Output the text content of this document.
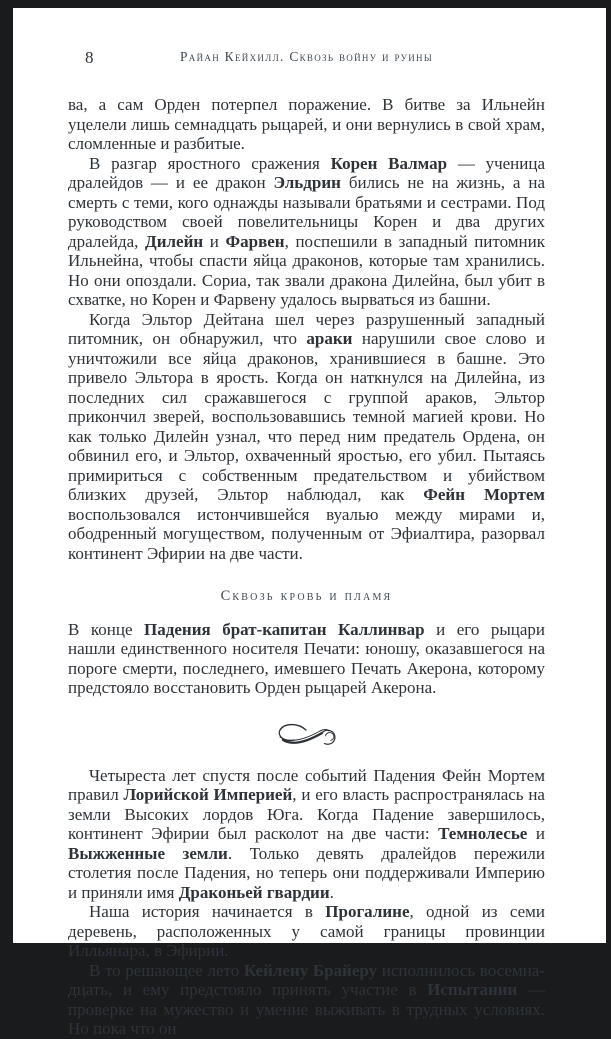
8	Райан Кейхилл. Сквозь войну и руины

ва, а сам Орден потерпел поражение. В битве за Ильнейн уцелели лишь семнадцать рыцарей, и они вернулись в свой храм, сломленные и разбитые.

В разгар яростного сражения Корен Валмар — ученица дралейдов — и ее дракон Эльдрин бились не на жизнь, а на смерть с теми, кого однажды называли братьями и сестрами. Под руководством своей повелительницы Корен и два других дралейда, Дилейн и Фарвен, поспешили в западный питомник Ильнейна, чтобы спасти яйца драконов, которые там хранились. Но они опоздали. Сориа, так звали дракона Дилейна, был убит в схватке, но Корен и Фарвену удалось вырваться из башни.

Когда Эльтор Дейтана шел через разрушенный западный питомник, он обнаружил, что араки нарушили свое слово и уничтожили все яйца драконов, хранившиеся в башне. Это привело Эльтора в ярость. Когда он наткнулся на Дилейна, из последних сил сражавшегося с группой араков, Эльтор прикончил зверей, воспользовавшись темной магией крови. Но как только Дилейн узнал, что перед ним предатель Ордена, он обвинил его, и Эльтор, охваченный яростью, его убил. Пытаясь примириться с собственным предательством и убийством близких друзей, Эльтор наблюдал, как Фейн Мортем воспользовался истончившейся вуалью между мирами и, ободренный могуществом, полученным от Эфиалтира, разорвал континент Эфирии на две части.

Сквозь кровь и пламя

В конце Падения брат-капитан Каллинвар и его рыцари нашли единственного носителя Печати: юношу, оказавшегося на пороге смерти, последнего, имевшего Печать Акерона, которому предстояло восстановить Орден рыцарей Акерона.

Четыреста лет спустя после событий Падения Фейн Мортем правил Лорийской Империей, и его власть распространялась на земли Высоких лордов Юга. Когда Падение завершилось, континент Эфирии был расколот на две части: Темнолесье и Выжженные земли. Только девять дралейдов пережили столетия после Падения, но теперь они поддерживали Империю и приняли имя Драконьей гвардии.

Наша история начинается в Прогалине, одной из семи деревень, расположенных у самой границы провинции Илльянара, в Эфирии.

В то решающее лето Кейлену Брайеру исполнилось восемнадцать, и ему предстояло принять участие в Испытании — проверке на мужество и умение выживать в трудных условиях. Но пока что он
